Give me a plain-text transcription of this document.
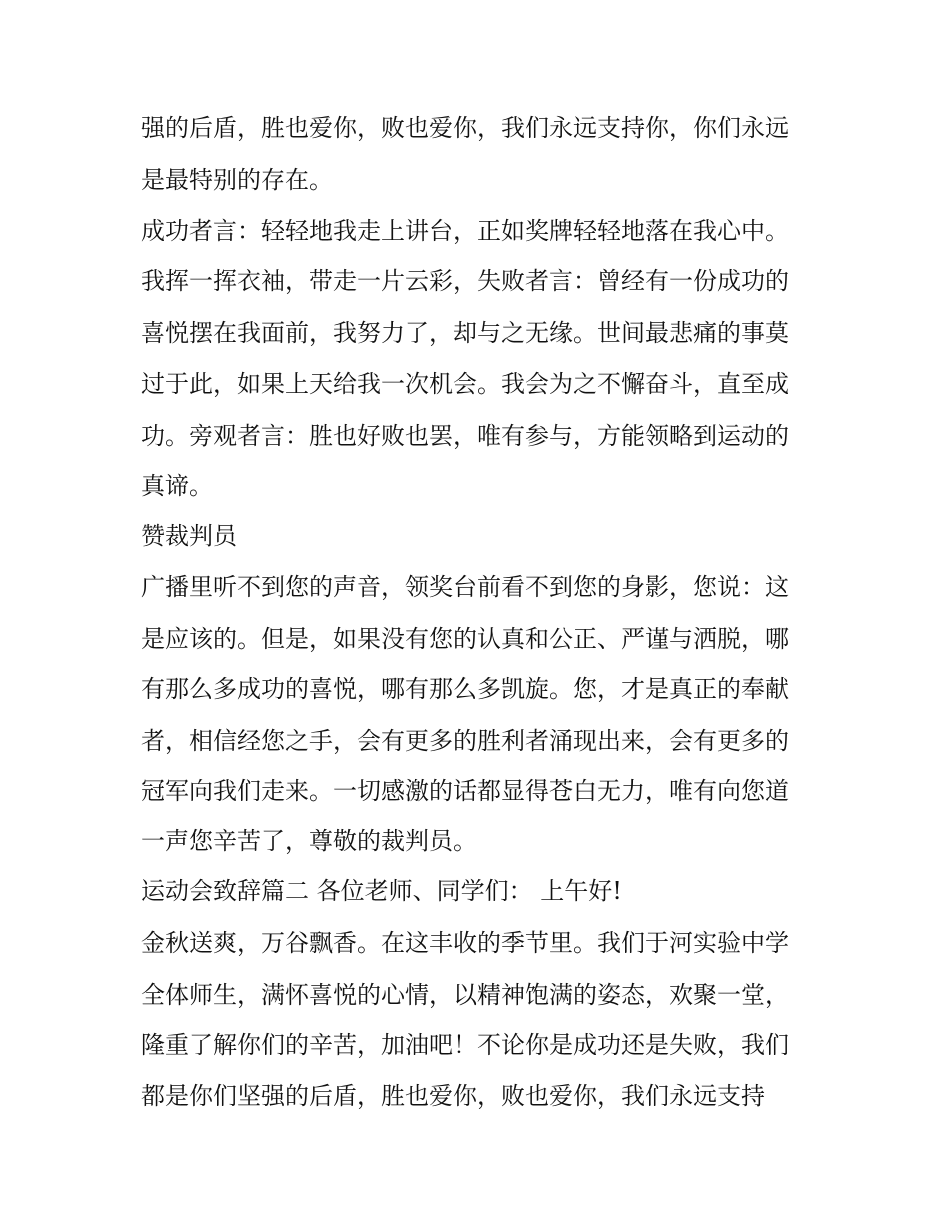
强的后盾，胜也爱你，败也爱你，我们永远支持你，你们永远
是最特别的存在。
成功者言：轻轻地我走上讲台，正如奖牌轻轻地落在我心中。
我挥一挥衣袖，带走一片云彩，失败者言：曾经有一份成功的
喜悦摆在我面前，我努力了，却与之无缘。世间最悲痛的事莫
过于此，如果上天给我一次机会。我会为之不懈奋斗，直至成
功。旁观者言：胜也好败也罢，唯有参与，方能领略到运动的
真谛。
赞裁判员
广播里听不到您的声音，领奖台前看不到您的身影，您说：这
是应该的。但是，如果没有您的认真和公正、严谨与洒脱，哪
有那么多成功的喜悦，哪有那么多凯旋。您，才是真正的奉献
者，相信经您之手，会有更多的胜利者涌现出来，会有更多的
冠军向我们走来。一切感激的话都显得苍白无力，唯有向您道
一声您辛苦了，尊敬的裁判员。
运动会致辞篇二 各位老师、同学们： 上午好!
金秋送爽，万谷飘香。在这丰收的季节里。我们于河实验中学
全体师生，满怀喜悦的心情，以精神饱满的姿态，欢聚一堂，
隆重了解你们的辛苦，加油吧！不论你是成功还是失败，我们
都是你们坚强的后盾，胜也爱你，败也爱你，我们永远支持
